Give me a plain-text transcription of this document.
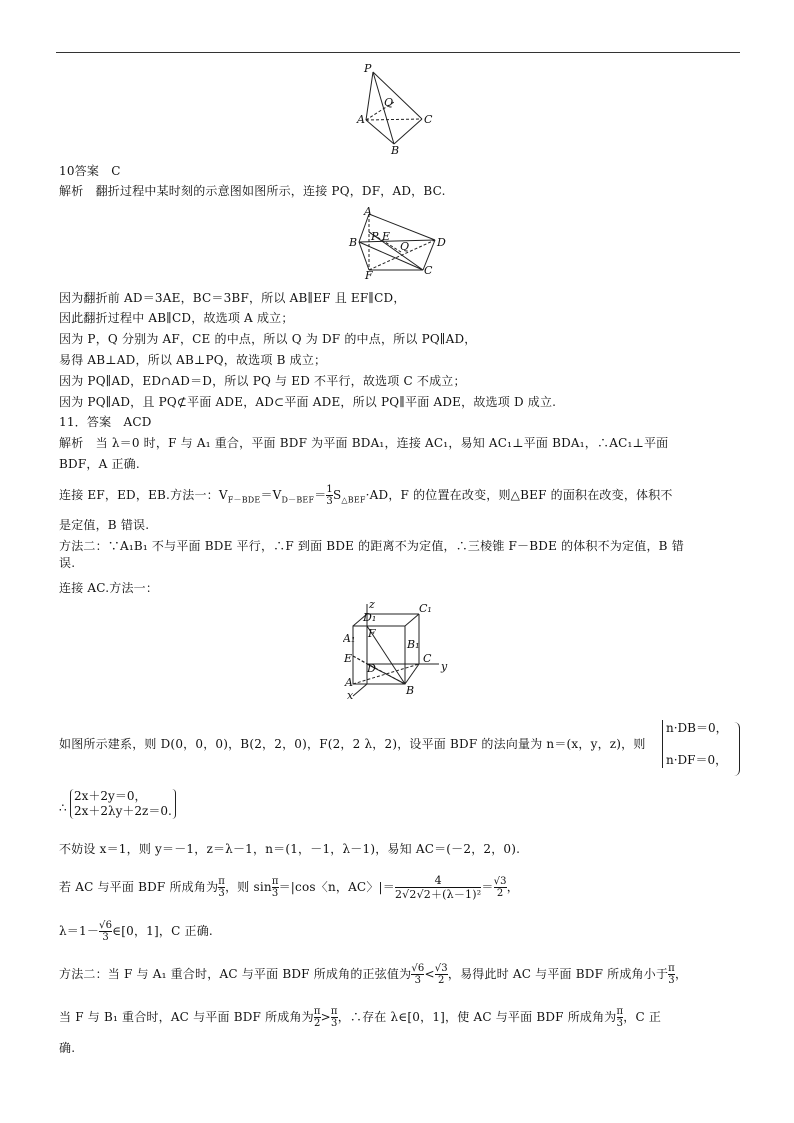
P
Q
A	C
B
10答案　C
解析　翻折过程中某时刻的示意图如图所示，连接 PQ，DF，AD，BC.
A
B P E
Q	D
F	C
因为翻折前 AD＝3AE，BC＝3BF，所以 AB∥EF 且 EF∥CD，
因此翻折过程中 AB∥CD，故选项 A 成立；
因为 P，Q 分别为 AF，CE 的中点，所以 Q 为 DF 的中点，所以 PQ∥AD，
易得 AB⊥AD，所以 AB⊥PQ，故选项 B 成立；
因为 PQ∥AD，ED∩AD＝D，所以 PQ 与 ED 不平行，故选项 C 不成立；
因为 PQ∥AD，且 PQ⊄平面 ADE，AD⊂平面 ADE，所以 PQ∥平面 ADE，故选项 D 成立.
11．答案　ACD
解析　当 λ＝0 时，F 与 A₁ 重合，平面 BDF 为平面 BDA₁，连接 AC₁，易知 AC₁⊥平面 BDA₁，∴AC₁⊥平面
BDF，A 正确.
连接 EF，ED，EB.方法一：$V_{F-BDE}=V_{D-BEF}= \frac{1}{3} S_{\triangle BEF}\cdot AD$，F 的位置在改变，则△BEF 的面积在改变，体积不
是定值，B 错误.
方法二：∵A₁B₁ 不与平面 BDE 平行，∴F 到面 BDE 的距离不为定值，∴三棱锥 F－BDE 的体积不为定值，B 错
误.
连接 AC.方法一：
z
D₁
C₁
A₁ F
B₁
E	C
D	y
A
B
x
如图所示建系，则 D(0，0，0)，B(2，2，0)，F(2，2 λ，2)，设平面 BDF 的法向量为 n＝(x，y，z)，则
n·DB＝0，
n·DF＝0，
∴
2x＋2y＝0，
2x＋2λy＋2z＝0.
不妨设 x＝1，则 y＝－1，z＝λ－1，n＝(1，－1，λ－1)，易知 AC＝(－2，2，0).
若 AC 与平面 BDF 所成角为 $\frac{\pi}{3}$ ，则 $\sin \frac{\pi}{3} =|\cos$〈n，AC〉|＝ $\frac{4}{\text{2√2√2＋(λ－1)²}} = \frac{√3}{2}$ ，
$\lambda=1- \frac{√6}{3}$ ∈[0，1]，C 正确.
方法二：当 F 与 A₁ 重合时，AC 与平面 BDF 所成角的正弦值为 $\frac{√6}{3} < \frac{√3}{2}$ ，易得此时 AC 与平面 BDF 所成角小于 $\frac{\pi}{3}$ ，
当 F 与 B₁ 重合时，AC 与平面 BDF 所成角为 $\frac{\pi}{2} > \frac{\pi}{3}$ ，∴存在 λ∈[0，1]，使 AC 与平面 BDF 所成角为 $\frac{\pi}{3}$ ，C 正
确.
